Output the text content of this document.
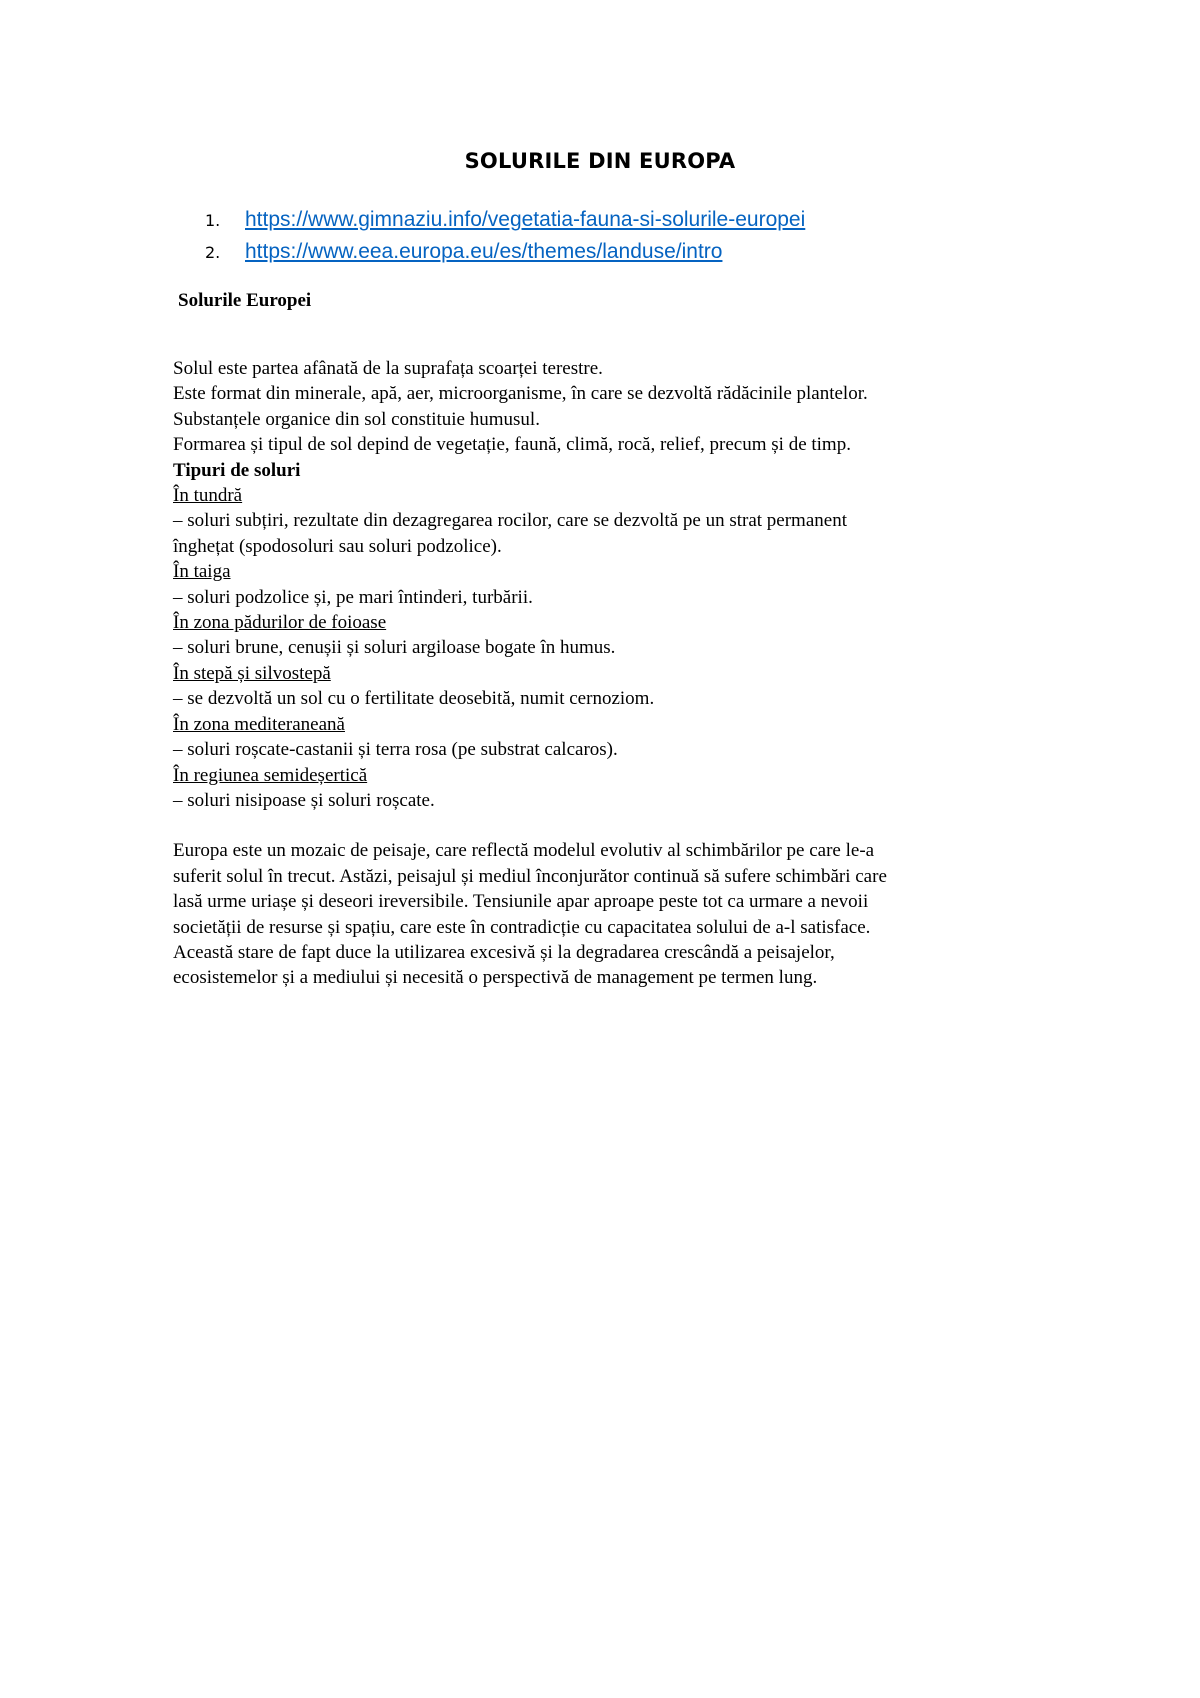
SOLURILE DIN EUROPA
1. https://www.gimnaziu.info/vegetatia-fauna-si-solurile-europei
2. https://www.eea.europa.eu/es/themes/landuse/intro
Solurile Europei

Solul este partea afânată de la suprafața scoarței terestre.

Este format din minerale, apă, aer, microorganisme, în care se dezvoltă rădăcinile plantelor.

Substanțele organice din sol constituie humusul.

Formarea și tipul de sol depind de vegetație, faună, climă, rocă, relief, precum și de timp.

Tipuri de soluri

În tundră

– soluri subțiri, rezultate din dezagregarea rocilor, care se dezvoltă pe un strat permanent

înghețat (spodosoluri sau soluri podzolice).

În taiga

– soluri podzolice și, pe mari întinderi, turbării.

În zona pădurilor de foioase

– soluri brune, cenușii și soluri argiloase bogate în humus.

În stepă și silvostepă

– se dezvoltă un sol cu o fertilitate deosebită, numit cernoziom.

În zona mediteraneană

– soluri roșcate-castanii și terra rosa (pe substrat calcaros).

În regiunea semideșertică

– soluri nisipoase și soluri roșcate.

Europa este un mozaic de peisaje, care reflectă modelul evolutiv al schimbărilor pe care le-a

suferit solul în trecut. Astăzi, peisajul și mediul înconjurător continuă să sufere schimbări care

lasă urme uriașe și deseori ireversibile. Tensiunile apar aproape peste tot ca urmare a nevoii

societății de resurse și spațiu, care este în contradicție cu capacitatea solului de a-l satisface.

Această stare de fapt duce la utilizarea excesivă și la degradarea crescândă a peisajelor,

ecosistemelor și a mediului și necesită o perspectivă de management pe termen lung.
